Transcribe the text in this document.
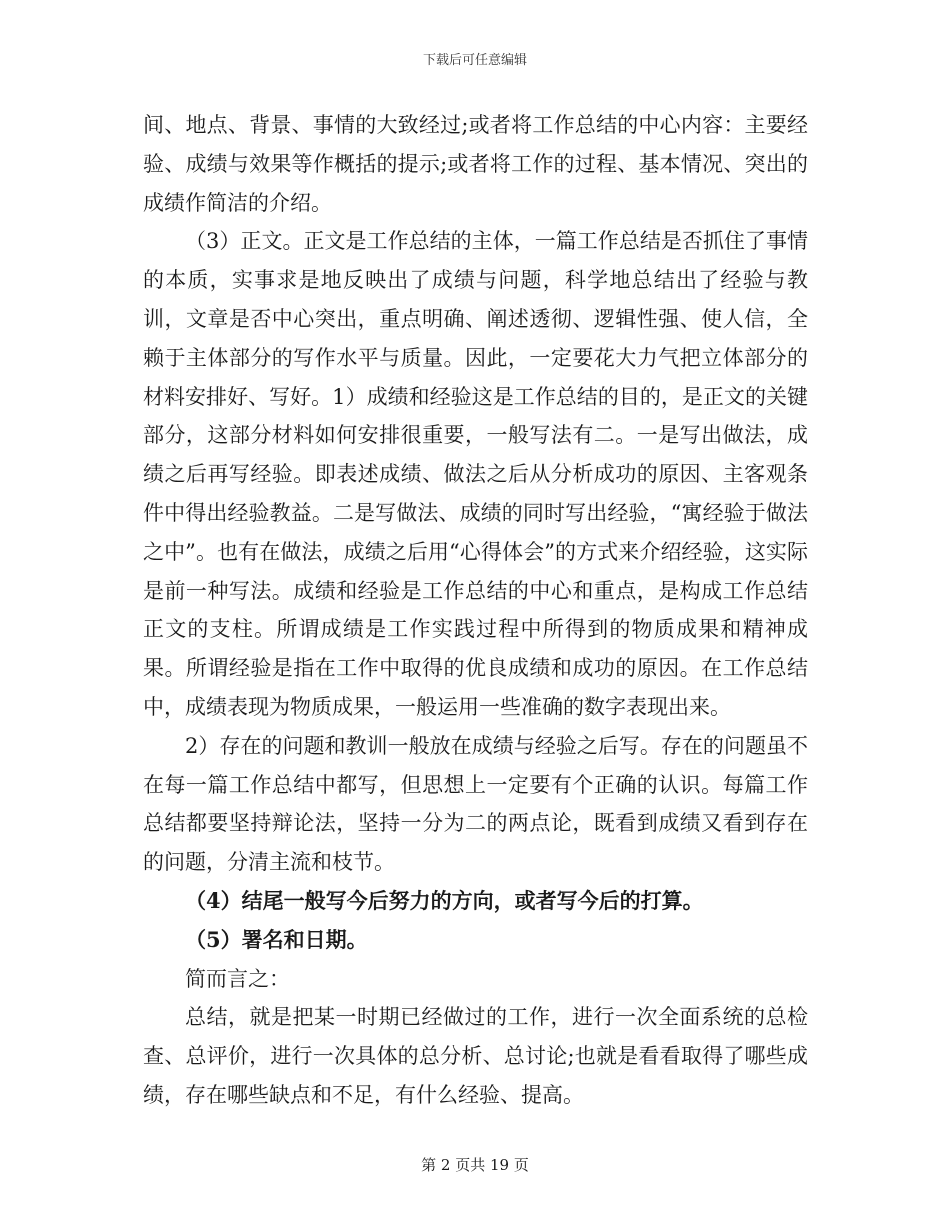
下载后可任意编辑

间、地点、背景、事情的大致经过;或者将工作总结的中心内容：主要经验、成绩与效果等作概括的提示;或者将工作的过程、基本情况、突出的成绩作简洁的介绍。

（3）正文。正文是工作总结的主体，一篇工作总结是否抓住了事情的本质，实事求是地反映出了成绩与问题，科学地总结出了经验与教训，文章是否中心突出，重点明确、阐述透彻、逻辑性强、使人信，全赖于主体部分的写作水平与质量。因此，一定要花大力气把立体部分的材料安排好、写好。1）成绩和经验这是工作总结的目的，是正文的关键部分，这部分材料如何安排很重要，一般写法有二。一是写出做法，成绩之后再写经验。即表述成绩、做法之后从分析成功的原因、主客观条件中得出经验教益。二是写做法、成绩的同时写出经验，“寓经验于做法之中”。也有在做法，成绩之后用“心得体会”的方式来介绍经验，这实际是前一种写法。成绩和经验是工作总结的中心和重点，是构成工作总结正文的支柱。所谓成绩是工作实践过程中所得到的物质成果和精神成果。所谓经验是指在工作中取得的优良成绩和成功的原因。在工作总结中，成绩表现为物质成果，一般运用一些准确的数字表现出来。

2）存在的问题和教训一般放在成绩与经验之后写。存在的问题虽不在每一篇工作总结中都写，但思想上一定要有个正确的认识。每篇工作总结都要坚持辩论法，坚持一分为二的两点论，既看到成绩又看到存在的问题，分清主流和枝节。

（4）结尾一般写今后努力的方向，或者写今后的打算。

（5）署名和日期。

简而言之：

总结，就是把某一时期已经做过的工作，进行一次全面系统的总检查、总评价，进行一次具体的总分析、总讨论;也就是看看取得了哪些成绩，存在哪些缺点和不足，有什么经验、提高。

第 2 页共 19 页
